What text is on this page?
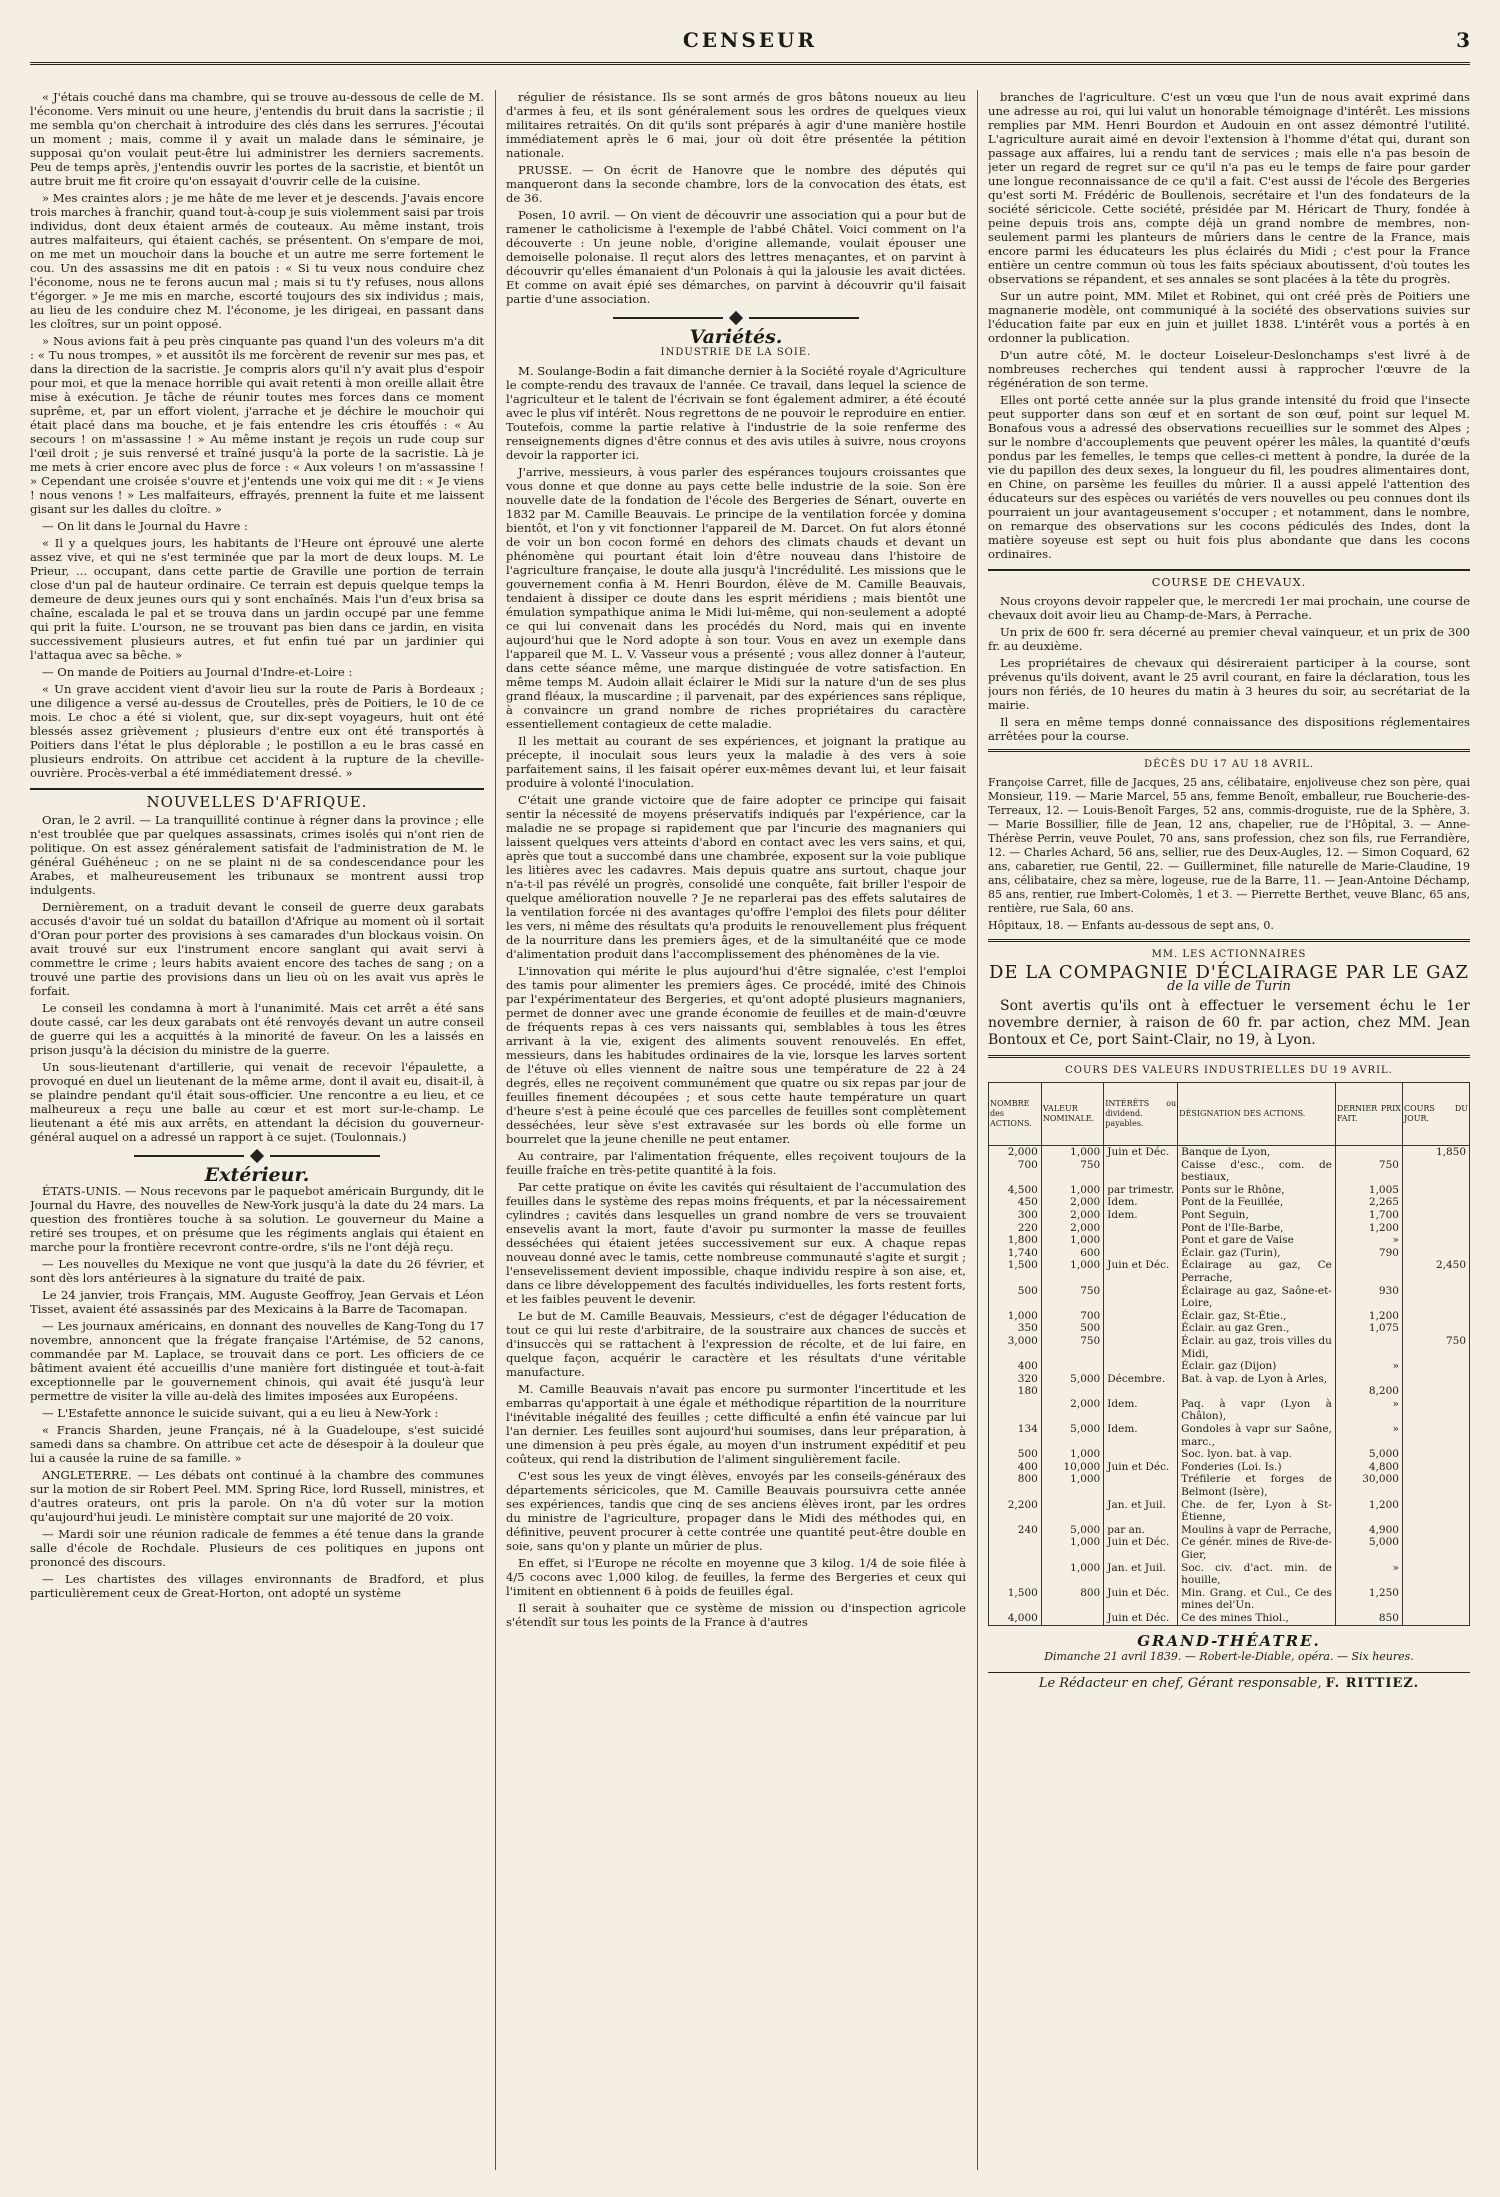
CENSEUR	3

« J'étais couché dans ma chambre, qui se trouve au-dessous de celle de M. l'économe. Vers minuit ou une heure, j'entendis du bruit dans la sacristie ; il me sembla qu'on cherchait à introduire des clés dans les serrures. J'écoutai un moment ; mais, comme il y avait un malade dans le séminaire, je supposai qu'on voulait peut-être lui administrer les derniers sacrements. Peu de temps après, j'entendis ouvrir les portes de la sacristie, et bientôt un autre bruit me fit croire qu'on essayait d'ouvrir celle de la cuisine.

» Mes craintes alors ; je me hâte de me lever et je descends. J'avais encore trois marches à franchir, quand tout-à-coup je suis violemment saisi par trois individus, dont deux étaient armés de couteaux. Au même instant, trois autres malfaiteurs, qui étaient cachés, se présentent. On s'empare de moi, on me met un mouchoir dans la bouche et un autre me serre fortement le cou. Un des assassins me dit en patois : « Si tu veux nous conduire chez l'économe, nous ne te ferons aucun mal ; mais si tu t'y refuses, nous allons t'égorger. » Je me mis en marche, escorté toujours des six individus ; mais, au lieu de les conduire chez M. l'économe, je les dirigeai, en passant dans les cloîtres, sur un point opposé.

» Nous avions fait à peu près cinquante pas quand l'un des voleurs m'a dit : « Tu nous trompes, » et aussitôt ils me forcèrent de revenir sur mes pas, et dans la direction de la sacristie. Je compris alors qu'il n'y avait plus d'espoir pour moi, et que la menace horrible qui avait retenti à mon oreille allait être mise à exécution. Je tâche de réunir toutes mes forces dans ce moment suprême, et, par un effort violent, j'arrache et je déchire le mouchoir qui était placé dans ma bouche, et je fais entendre les cris étouffés : « Au secours ! on m'assassine ! » Au même instant je reçois un rude coup sur l'œil droit ; je suis renversé et traîné jusqu'à la porte de la sacristie. Là je me mets à crier encore avec plus de force : « Aux voleurs ! on m'assassine ! » Cependant une croisée s'ouvre et j'entends une voix qui me dit : « Je viens ! nous venons ! » Les malfaiteurs, effrayés, prennent la fuite et me laissent gisant sur les dalles du cloître. »

— On lit dans le Journal du Havre :

« Il y a quelques jours, les habitants de l'Heure ont éprouvé une alerte assez vive, et qui ne s'est terminée que par la mort de deux loups. M. Le Prieur, ... occupant, dans cette partie de Graville une portion de terrain close d'un pal de hauteur ordinaire. Ce terrain est depuis quelque temps la demeure de deux jeunes ours qui y sont enchaînés. Mais l'un d'eux brisa sa chaîne, escalada le pal et se trouva dans un jardin occupé par une femme qui prit la fuite. L'ourson, ne se trouvant pas bien dans ce jardin, en visita successivement plusieurs autres, et fut enfin tué par un jardinier qui l'attaqua avec sa bêche. »

— On mande de Poitiers au Journal d'Indre-et-Loire :

« Un grave accident vient d'avoir lieu sur la route de Paris à Bordeaux ; une diligence a versé au-dessus de Croutelles, près de Poitiers, le 10 de ce mois. Le choc a été si violent, que, sur dix-sept voyageurs, huit ont été blessés assez grièvement ; plusieurs d'entre eux ont été transportés à Poitiers dans l'état le plus déplorable ; le postillon a eu le bras cassé en plusieurs endroits. On attribue cet accident à la rupture de la cheville-ouvrière. Procès-verbal a été immédiatement dressé. »

NOUVELLES D'AFRIQUE.

Oran, le 2 avril. — La tranquillité continue à régner dans la province ; elle n'est troublée que par quelques assassinats, crimes isolés qui n'ont rien de politique. On est assez généralement satisfait de l'administration de M. le général Guéhéneuc ; on ne se plaint ni de sa condescendance pour les Arabes, et malheureusement les tribunaux se montrent aussi trop indulgents.

Dernièrement, on a traduit devant le conseil de guerre deux garabats accusés d'avoir tué un soldat du bataillon d'Afrique au moment où il sortait d'Oran pour porter des provisions à ses camarades d'un blockaus voisin. On avait trouvé sur eux l'instrument encore sanglant qui avait servi à commettre le crime ; leurs habits avaient encore des taches de sang ; on a trouvé une partie des provisions dans un lieu où on les avait vus après le forfait.

Le conseil les condamna à mort à l'unanimité. Mais cet arrêt a été sans doute cassé, car les deux garabats ont été renvoyés devant un autre conseil de guerre qui les a acquittés à la minorité de faveur. On les a laissés en prison jusqu'à la décision du ministre de la guerre.

Un sous-lieutenant d'artillerie, qui venait de recevoir l'épaulette, a provoqué en duel un lieutenant de la même arme, dont il avait eu, disait-il, à se plaindre pendant qu'il était sous-officier. Une rencontre a eu lieu, et ce malheureux a reçu une balle au cœur et est mort sur-le-champ. Le lieutenant a été mis aux arrêts, en attendant la décision du gouverneur-général auquel on a adressé un rapport à ce sujet. (Toulonnais.)

Extérieur.

ÉTATS-UNIS. — Nous recevons par le paquebot américain Burgundy, dit le Journal du Havre, des nouvelles de New-York jusqu'à la date du 24 mars. La question des frontières touche à sa solution. Le gouverneur du Maine a retiré ses troupes, et on présume que les régiments anglais qui étaient en marche pour la frontière recevront contre-ordre, s'ils ne l'ont déjà reçu.

— Les nouvelles du Mexique ne vont que jusqu'à la date du 26 février, et sont dès lors antérieures à la signature du traité de paix.

Le 24 janvier, trois Français, MM. Auguste Geoffroy, Jean Gervais et Léon Tisset, avaient été assassinés par des Mexicains à la Barre de Tacomapan.

— Les journaux américains, en donnant des nouvelles de Kang-Tong du 17 novembre, annoncent que la frégate française l'Artémise, de 52 canons, commandée par M. Laplace, se trouvait dans ce port. Les officiers de ce bâtiment avaient été accueillis d'une manière fort distinguée et tout-à-fait exceptionnelle par le gouvernement chinois, qui avait été jusqu'à leur permettre de visiter la ville au-delà des limites imposées aux Européens.

— L'Estafette annonce le suicide suivant, qui a eu lieu à New-York :

« Francis Sharden, jeune Français, né à la Guadeloupe, s'est suicidé samedi dans sa chambre. On attribue cet acte de désespoir à la douleur que lui a causée la ruine de sa famille. »

ANGLETERRE. — Les débats ont continué à la chambre des communes sur la motion de sir Robert Peel. MM. Spring Rice, lord Russell, ministres, et d'autres orateurs, ont pris la parole. On n'a dû voter sur la motion qu'aujourd'hui jeudi. Le ministère comptait sur une majorité de 20 voix.

— Mardi soir une réunion radicale de femmes a été tenue dans la grande salle d'école de Rochdale. Plusieurs de ces politiques en jupons ont prononcé des discours.

— Les chartistes des villages environnants de Bradford, et plus particulièrement ceux de Great-Horton, ont adopté un système

régulier de résistance. Ils se sont armés de gros bâtons noueux au lieu d'armes à feu, et ils sont généralement sous les ordres de quelques vieux militaires retraités. On dit qu'ils sont préparés à agir d'une manière hostile immédiatement après le 6 mai, jour où doit être présentée la pétition nationale.

PRUSSE. — On écrit de Hanovre que le nombre des députés qui manqueront dans la seconde chambre, lors de la convocation des états, est de 36.

Posen, 10 avril. — On vient de découvrir une association qui a pour but de ramener le catholicisme à l'exemple de l'abbé Châtel. Voici comment on l'a découverte : Un jeune noble, d'origine allemande, voulait épouser une demoiselle polonaise. Il reçut alors des lettres menaçantes, et on parvint à découvrir qu'elles émanaient d'un Polonais à qui la jalousie les avait dictées. Et comme on avait épié ses démarches, on parvint à découvrir qu'il faisait partie d'une association.

Variétés.
INDUSTRIE DE LA SOIE.

M. Soulange-Bodin a fait dimanche dernier à la Société royale d'Agriculture le compte-rendu des travaux de l'année. Ce travail, dans lequel la science de l'agriculteur et le talent de l'écrivain se font également admirer, a été écouté avec le plus vif intérêt. Nous regrettons de ne pouvoir le reproduire en entier. Toutefois, comme la partie relative à l'industrie de la soie renferme des renseignements dignes d'être connus et des avis utiles à suivre, nous croyons devoir la rapporter ici.

J'arrive, messieurs, à vous parler des espérances toujours croissantes que vous donne et que donne au pays cette belle industrie de la soie. Son ère nouvelle date de la fondation de l'école des Bergeries de Sénart, ouverte en 1832 par M. Camille Beauvais. Le principe de la ventilation forcée y domina bientôt, et l'on y vit fonctionner l'appareil de M. Darcet. On fut alors étonné de voir un bon cocon formé en dehors des climats chauds et devant un phénomène qui pourtant était loin d'être nouveau dans l'histoire de l'agriculture française, le doute alla jusqu'à l'incrédulité. Les missions que le gouvernement confia à M. Henri Bourdon, élève de M. Camille Beauvais, tendaient à dissiper ce doute dans les esprit méridiens ; mais bientôt une émulation sympathique anima le Midi lui-même, qui non-seulement a adopté ce qui lui convenait dans les procédés du Nord, mais qui en invente aujourd'hui que le Nord adopte à son tour. Vous en avez un exemple dans l'appareil que M. L. V. Vasseur vous a présenté ; vous allez donner à l'auteur, dans cette séance même, une marque distinguée de votre satisfaction. En même temps M. Audoin allait éclairer le Midi sur la nature d'un de ses plus grand fléaux, la muscardine ; il parvenait, par des expériences sans réplique, à convaincre un grand nombre de riches propriétaires du caractère essentiellement contagieux de cette maladie.

Il les mettait au courant de ses expériences, et joignant la pratique au précepte, il inoculait sous leurs yeux la maladie à des vers à soie parfaitement sains, il les faisait opérer eux-mêmes devant lui, et leur faisait produire à volonté l'inoculation.

C'était une grande victoire que de faire adopter ce principe qui faisait sentir la nécessité de moyens préservatifs indiqués par l'expérience, car la maladie ne se propage si rapidement que par l'incurie des magnaniers qui laissent quelques vers atteints d'abord en contact avec les vers sains, et qui, après que tout a succombé dans une chambrée, exposent sur la voie publique les litières avec les cadavres. Mais depuis quatre ans surtout, chaque jour n'a-t-il pas révélé un progrès, consolidé une conquête, fait briller l'espoir de quelque amélioration nouvelle ? Je ne reparlerai pas des effets salutaires de la ventilation forcée ni des avantages qu'offre l'emploi des filets pour déliter les vers, ni même des résultats qu'a produits le renouvellement plus fréquent de la nourriture dans les premiers âges, et de la simultanéité que ce mode d'alimentation produit dans l'accomplissement des phénomènes de la vie.

L'innovation qui mérite le plus aujourd'hui d'être signalée, c'est l'emploi des tamis pour alimenter les premiers âges. Ce procédé, imité des Chinois par l'expérimentateur des Bergeries, et qu'ont adopté plusieurs magnaniers, permet de donner avec une grande économie de feuilles et de main-d'œuvre de fréquents repas à ces vers naissants qui, semblables à tous les êtres arrivant à la vie, exigent des aliments souvent renouvelés. En effet, messieurs, dans les habitudes ordinaires de la vie, lorsque les larves sortent de l'étuve où elles viennent de naître sous une température de 22 à 24 degrés, elles ne reçoivent communément que quatre ou six repas par jour de feuilles finement découpées ; et sous cette haute température un quart d'heure s'est à peine écoulé que ces parcelles de feuilles sont complètement desséchées, leur sève s'est extravasée sur les bords où elle forme un bourrelet que la jeune chenille ne peut entamer.

Au contraire, par l'alimentation fréquente, elles reçoivent toujours de la feuille fraîche en très-petite quantité à la fois.

Par cette pratique on évite les cavités qui résultaient de l'accumulation des feuilles dans le système des repas moins fréquents, et par la nécessairement cylindres ; cavités dans lesquelles un grand nombre de vers se trouvaient ensevelis avant la mort, faute d'avoir pu surmonter la masse de feuilles desséchées qui étaient jetées successivement sur eux. A chaque repas nouveau donné avec le tamis, cette nombreuse communauté s'agite et surgit ; l'ensevelissement devient impossible, chaque individu respire à son aise, et, dans ce libre développement des facultés individuelles, les forts restent forts, et les faibles peuvent le devenir.

Le but de M. Camille Beauvais, Messieurs, c'est de dégager l'éducation de tout ce qui lui reste d'arbitraire, de la soustraire aux chances de succès et d'insuccès qui se rattachent à l'expression de récolte, et de lui faire, en quelque façon, acquérir le caractère et les résultats d'une véritable manufacture.

M. Camille Beauvais n'avait pas encore pu surmonter l'incertitude et les embarras qu'apportait à une égale et méthodique répartition de la nourriture l'inévitable inégalité des feuilles ; cette difficulté a enfin été vaincue par lui l'an dernier. Les feuilles sont aujourd'hui soumises, dans leur préparation, à une dimension à peu près égale, au moyen d'un instrument expéditif et peu coûteux, qui rend la distribution de l'aliment singulièrement facile.

C'est sous les yeux de vingt élèves, envoyés par les conseils-généraux des départements séricicoles, que M. Camille Beauvais poursuivra cette année ses expériences, tandis que cinq de ses anciens élèves iront, par les ordres du ministre de l'agriculture, propager dans le Midi des méthodes qui, en définitive, peuvent procurer à cette contrée une quantité peut-être double en soie, sans qu'on y plante un mûrier de plus.

En effet, si l'Europe ne récolte en moyenne que 3 kilog. 1/4 de soie filée à 4/5 cocons avec 1,000 kilog. de feuilles, la ferme des Bergeries et ceux qui l'imitent en obtiennent 6 à poids de feuilles égal.

Il serait à souhaiter que ce système de mission ou d'inspection agricole s'étendît sur tous les points de la France à d'autres

branches de l'agriculture. C'est un vœu que l'un de nous avait exprimé dans une adresse au roi, qui lui valut un honorable témoignage d'intérêt. Les missions remplies par MM. Henri Bourdon et Audouin en ont assez démontré l'utilité. L'agriculture aurait aimé en devoir l'extension à l'homme d'état qui, durant son passage aux affaires, lui a rendu tant de services ; mais elle n'a pas besoin de jeter un regard de regret sur ce qu'il n'a pas eu le temps de faire pour garder une longue reconnaissance de ce qu'il a fait. C'est aussi de l'école des Bergeries qu'est sorti M. Frédéric de Boullenois, secrétaire et l'un des fondateurs de la société séricicole. Cette société, présidée par M. Héricart de Thury, fondée à peine depuis trois ans, compte déjà un grand nombre de membres, non-seulement parmi les planteurs de mûriers dans le centre de la France, mais encore parmi les éducateurs les plus éclairés du Midi ; c'est pour la France entière un centre commun où tous les faits spéciaux aboutissent, d'où toutes les observations se répandent, et ses annales se sont placées à la tête du progrès.

Sur un autre point, MM. Milet et Robinet, qui ont créé près de Poitiers une magnanerie modèle, ont communiqué à la société des observations suivies sur l'éducation faite par eux en juin et juillet 1838. L'intérêt vous a portés à en ordonner la publication.

D'un autre côté, M. le docteur Loiseleur-Deslonchamps s'est livré à de nombreuses recherches qui tendent aussi à rapprocher l'œuvre de la régénération de son terme.

Elles ont porté cette année sur la plus grande intensité du froid que l'insecte peut supporter dans son œuf et en sortant de son œuf, point sur lequel M. Bonafous vous a adressé des observations recueillies sur le sommet des Alpes ; sur le nombre d'accouplements que peuvent opérer les mâles, la quantité d'œufs pondus par les femelles, le temps que celles-ci mettent à pondre, la durée de la vie du papillon des deux sexes, la longueur du fil, les poudres alimentaires dont, en Chine, on parsème les feuilles du mûrier. Il a aussi appelé l'attention des éducateurs sur des espèces ou variétés de vers nouvelles ou peu connues dont ils pourraient un jour avantageusement s'occuper ; et notamment, dans le nombre, on remarque des observations sur les cocons pédiculés des Indes, dont la matière soyeuse est sept ou huit fois plus abondante que dans les cocons ordinaires.

COURSE DE CHEVAUX.

Nous croyons devoir rappeler que, le mercredi 1er mai prochain, une course de chevaux doit avoir lieu au Champ-de-Mars, à Perrache.

Un prix de 600 fr. sera décerné au premier cheval vainqueur, et un prix de 300 fr. au deuxième.

Les propriétaires de chevaux qui désireraient participer à la course, sont prévenus qu'ils doivent, avant le 25 avril courant, en faire la déclaration, tous les jours non fériés, de 10 heures du matin à 3 heures du soir, au secrétariat de la mairie.

Il sera en même temps donné connaissance des dispositions réglementaires arrêtées pour la course.

DÉCÈS DU 17 AU 18 AVRIL.

Françoise Carret, fille de Jacques, 25 ans, célibataire, enjoliveuse chez son père, quai Monsieur, 119. — Marie Marcel, 55 ans, femme Benoît, emballeur, rue Boucherie-des-Terreaux, 12. — Louis-Benoît Farges, 52 ans, commis-droguiste, rue de la Sphère, 3. — Marie Bossillier, fille de Jean, 12 ans, chapelier, rue de l'Hôpital, 3. — Anne-Thérèse Perrin, veuve Poulet, 70 ans, sans profession, chez son fils, rue Ferrandière, 12. — Charles Achard, 56 ans, sellier, rue des Deux-Augles, 12. — Simon Coquard, 62 ans, cabaretier, rue Gentil, 22. — Guillerminet, fille naturelle de Marie-Claudine, 19 ans, célibataire, chez sa mère, logeuse, rue de la Barre, 11. — Jean-Antoine Déchamp, 85 ans, rentier, rue Imbert-Colomès, 1 et 3. — Pierrette Berthet, veuve Blanc, 65 ans, rentière, rue Sala, 60 ans.

Hôpitaux, 18. — Enfants au-dessous de sept ans, 0.

MM. LES ACTIONNAIRES
DE LA COMPAGNIE D'ÉCLAIRAGE PAR LE GAZ
de la ville de Turin

Sont avertis qu'ils ont à effectuer le versement échu le 1er novembre dernier, à raison de 60 fr. par action, chez MM. Jean Bontoux et Ce, port Saint-Clair, no 19, à Lyon.

COURS DES VALEURS INDUSTRIELLES DU 19 AVRIL.
NOMBRE des ACTIONS.	VALEUR NOMINALE.	INTÉRÊTS ou dividend. payables.	DÉSIGNATION DES ACTIONS.	DERNIER PRIX FAIT.	COURS DU JOUR.
2,000	1,000	Juin et Déc.	Banque de Lyon,		1,850
700	750		Caisse d'esc., com. de bestiaux,	750	
4,500	1,000	par trimestr.	Ponts sur le Rhône,	1,005	
450	2,000	Idem.	Pont de la Feuillée,	2,265	
300	2,000	Idem.	Pont Seguin,	1,700	
220	2,000		Pont de l'Ile-Barbe,	1,200	
1,800	1,000		Pont et gare de Vaise	»	
1,740	600		Éclair. gaz (Turin),	790	
1,500	1,000	Juin et Déc.	Éclairage au gaz, Ce Perrache,		2,450
500	750		Éclairage au gaz, Saône-et-Loire,	930	
1,000	700		Éclair. gaz, St-Étie.,	1,200	
350	500		Éclair. au gaz Gren.,	1,075	
3,000	750		Éclair. au gaz, trois villes du Midi,		750
400			Éclair. gaz (Dijon)	»	
320	5,000	Décembre.	Bat. à vap. de Lyon à Arles,		
180				8,200	
	2,000	Idem.	Paq. à vapr (Lyon à Châlon),	»	
134	5,000	Idem.	Gondoles à vapr sur Saône, marc.,	»	
500	1,000		Soc. lyon. bat. à vap.	5,000	
400	10,000	Juin et Déc.	Fonderies (Loi. Is.)	4,800	
800	1,000		Tréfilerie et forges de Belmont (Isère),	30,000	
2,200		Jan. et Juil.	Che. de fer, Lyon à St-Étienne,	1,200	
240	5,000	par an.	Moulins à vapr de Perrache,	4,900	
	1,000	Juin et Déc.	Ce génér. mines de Rive-de-Gier,	5,000	
	1,000	Jan. et Juil.	Soc. civ. d'act. min. de houille,	»	
1,500	800	Juin et Déc.	Min. Grang. et Cul., Ce des mines del'Un.	1,250	
4,000		Juin et Déc.	Ce des mines Thiol.,	850	
GRAND-THÉATRE.
Dimanche 21 avril 1839. — Robert-le-Diable, opéra. — Six heures.
Le Rédacteur en chef, Gérant responsable, F. RITTIEZ.
